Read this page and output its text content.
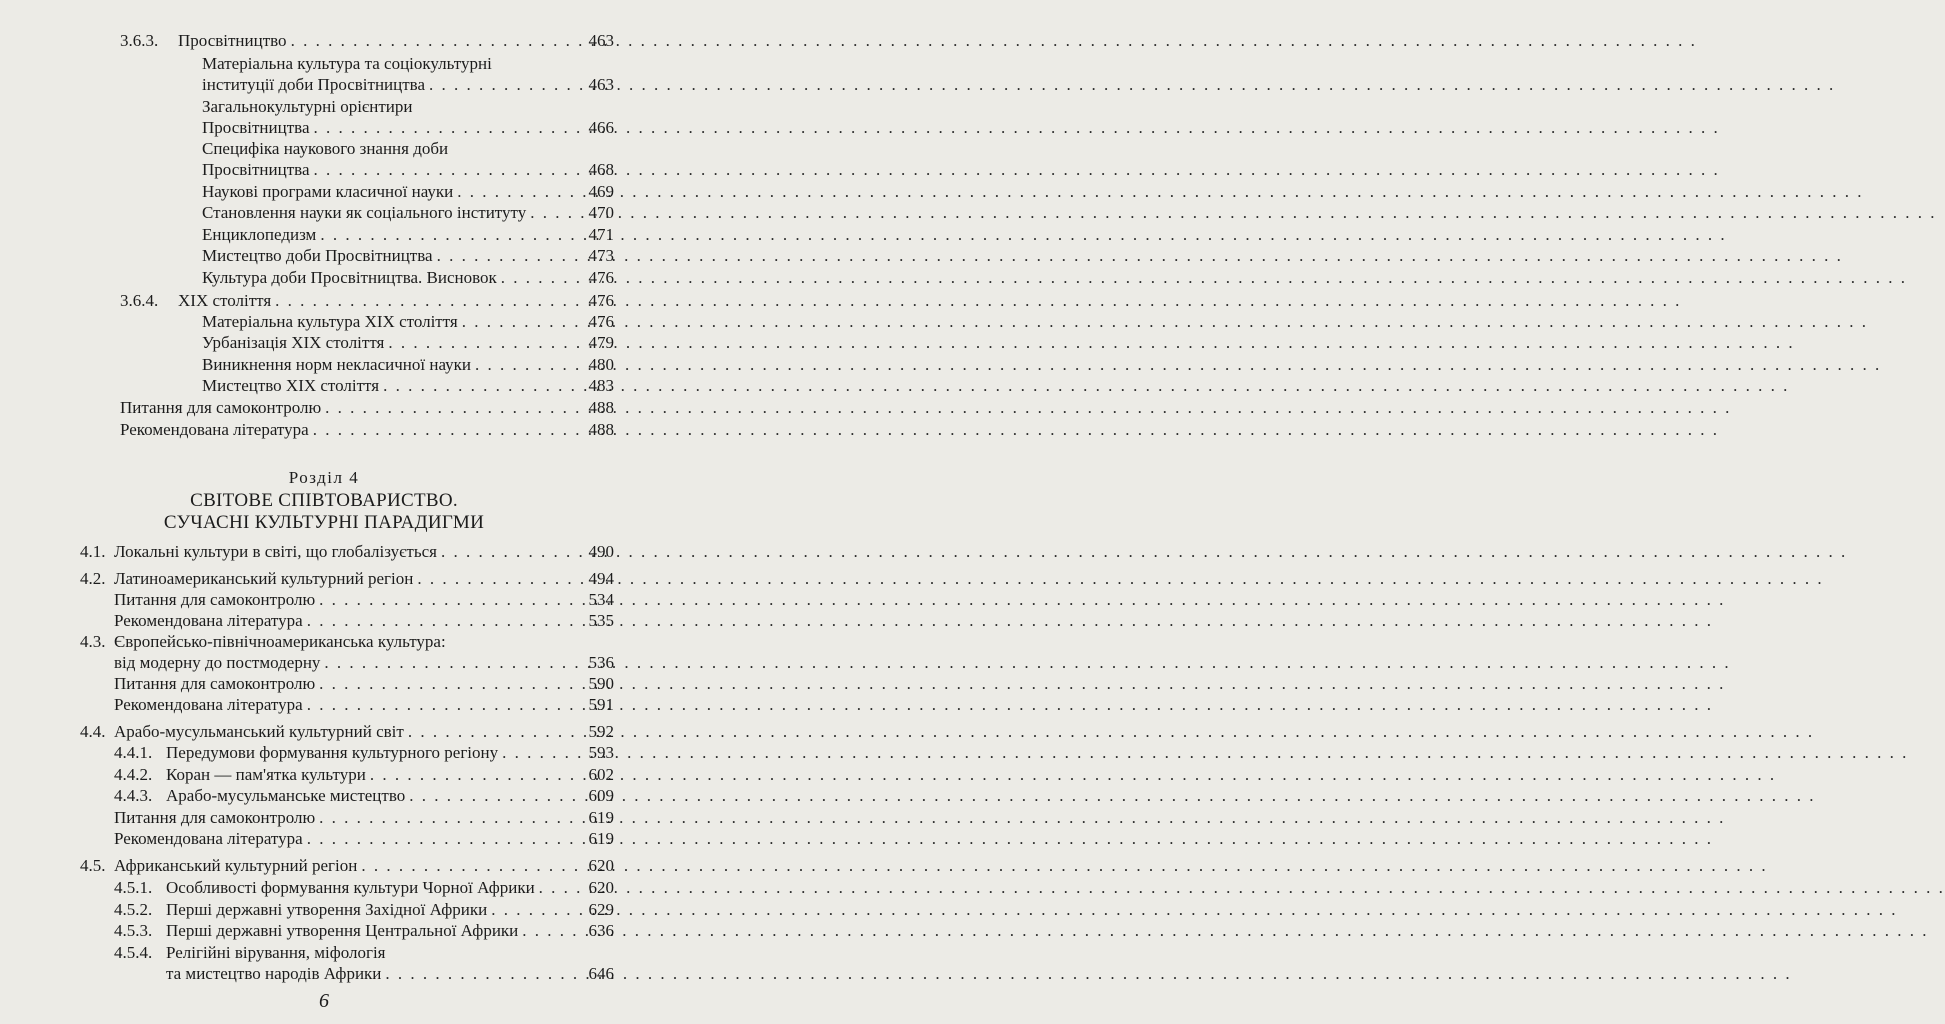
3.6.3.	Просвітництво . . .	463
Матеріальна культура та соціокультурні
інституції доби Просвітництва . . .	463
Загальнокультурні орієнтири
Просвітництва . . .	466
Специфіка наукового знання доби
Просвітництва . . .	468
Наукові програми класичної науки . . .	469
Становлення науки як соціального інституту . . .	470
Енциклопедизм . . .	471
Мистецтво доби Просвітництва . . .	473
Культура доби Просвітництва. Висновок . . .	476
3.6.4.	XIX століття . . .	476
Матеріальна культура XIX століття . . .	476
Урбанізація XIX століття . . .	479
Виникнення норм некласичної науки . . .	480
Мистецтво XIX століття . . .	483
Питання для самоконтролю . . .	488
Рекомендована література . . .	488
Розділ 4
СВІТОВЕ СПІВТОВАРИСТВО.
СУЧАСНІ КУЛЬТУРНІ ПАРАДИГМИ
4.1. Локальні культури в світі, що глобалізується . . .	490
4.2. Латиноамериканський культурний регіон . . .	494
Питання для самоконтролю . . .	534
Рекомендована література . . .	535
4.3. Європейсько-північноамериканська культура:
від модерну до постмодерну . . .	536
Питання для самоконтролю . . .	590
Рекомендована література . . .	591
4.4. Арабо-мусульманський культурний світ . . .	592
4.4.1. Передумови формування культурного регіону . . .	593
4.4.2. Коран — пам'ятка культури . . .	602
4.4.3. Арабо-мусульманське мистецтво . . .	609
Питання для самоконтролю . . .	619
Рекомендована література . . .	619
4.5. Африканський культурний регіон . . .	620
4.5.1. Особливості формування культури Чорної Африки . . .	620
4.5.2. Перші державні утворення Західної Африки . . .	629
4.5.3. Перші державні утворення Центральної Африки . . .	636
4.5.4. Релігійні вірування, міфологія
та мистецтво народів Африки . . .	646
6
